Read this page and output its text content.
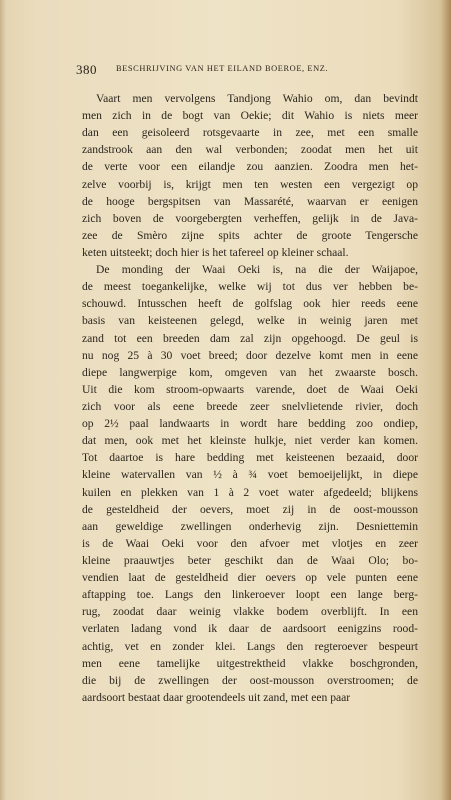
380 BESCHRIJVING VAN HET EILAND BOEROE, ENZ.
Vaart men vervolgens Tandjong Wahio om, dan bevindt
men zich in de bogt van Oekie; dit Wahio is niets meer
dan een geisoleerd rotsgevaarte in zee, met een smalle
zandstrook aan den wal verbonden; zoodat men het uit
de verte voor een eilandje zou aanzien. Zoodra men het-
zelve voorbij is, krijgt men ten westen een vergezigt op
de hooge bergspitsen van Massarété, waarvan er eenigen
zich boven de voorgebergten verheffen, gelijk in de Java-
zee de Smèro zijne spits achter de groote Tengersche
keten uitsteekt; doch hier is het tafereel op kleiner schaal.
De monding der Waai Oeki is, na die der Waijapoe,
de meest toegankelijke, welke wij tot dus ver hebben be-
schouwd. Intusschen heeft de golfslag ook hier reeds eene
basis van keisteenen gelegd, welke in weinig jaren met
zand tot een breeden dam zal zijn opgehoogd. De geul is
nu nog 25 à 30 voet breed; door dezelve komt men in eene
diepe langwerpige kom, omgeven van het zwaarste bosch.
Uit die kom stroom-opwaarts varende, doet de Waai Oeki
zich voor als eene breede zeer snelvlietende rivier, doch
op 2½ paal landwaarts in wordt hare bedding zoo ondiep,
dat men, ook met het kleinste hulkje, niet verder kan komen.
Tot daartoe is hare bedding met keisteenen bezaaid, door
kleine watervallen van ½ à ¾ voet bemoeijelijkt, in diepe
kuilen en plekken van 1 à 2 voet water afgedeeld; blijkens
de gesteldheid der oevers, moet zij in de oost-mousson
aan geweldige zwellingen onderhevig zijn. Desniettemin
is de Waai Oeki voor den afvoer met vlotjes en zeer
kleine praauwtjes beter geschikt dan de Waai Olo; bo-
vendien laat de gesteldheid dier oevers op vele punten eene
aftapping toe. Langs den linkeroever loopt een lange berg-
rug, zoodat daar weinig vlakke bodem overblijft. In een
verlaten ladang vond ik daar de aardsoort eenigzins rood-
achtig, vet en zonder klei. Langs den regteroever bespeurt
men eene tamelijke uitgestrektheid vlakke boschgronden,
die bij de zwellingen der oost-mousson overstroomen; de
aardsoort bestaat daar grootendeels uit zand, met een paar
